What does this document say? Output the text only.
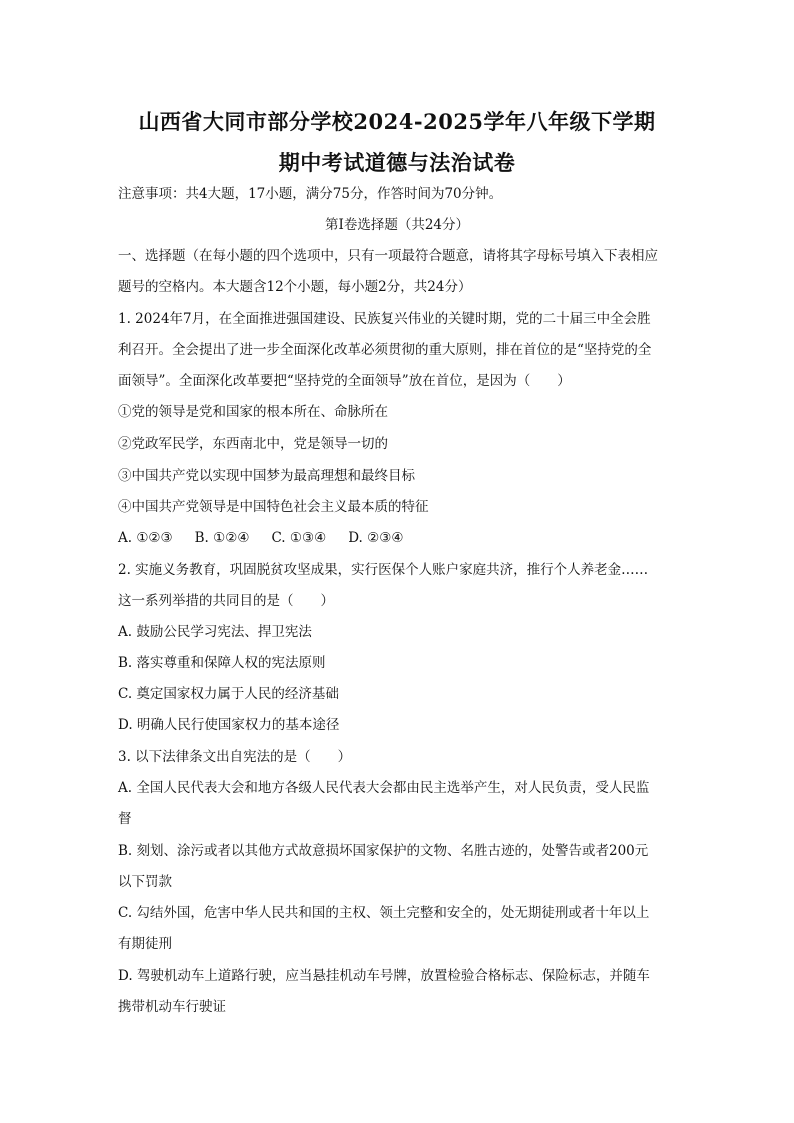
山西省大同市部分学校2024-2025学年八年级下学期
期中考试道德与法治试卷
注意事项：共4大题，17小题，满分75分，作答时间为70分钟。
第Ⅰ卷选择题（共24分）
一、选择题（在每小题的四个选项中，只有一项最符合题意，请将其字母标号填入下表相应
题号的空格内。本大题含12个小题，每小题2分，共24分）
1. 2024年7月，在全面推进强国建设、民族复兴伟业的关键时期，党的二十届三中全会胜
利召开。全会提出了进一步全面深化改革必须贯彻的重大原则，排在首位的是“坚持党的全
面领导”。全面深化改革要把“坚持党的全面领导”放在首位，是因为（　　）
①党的领导是党和国家的根本所在、命脉所在
②党政军民学，东西南北中，党是领导一切的
③中国共产党以实现中国梦为最高理想和最终目标
④中国共产党领导是中国特色社会主义最本质的特征
A. ①②③ B. ①②④ C. ①③④ D. ②③④
2. 实施义务教育，巩固脱贫攻坚成果，实行医保个人账户家庭共济，推行个人养老金……
这一系列举措的共同目的是（　　）
A. 鼓励公民学习宪法、捍卫宪法
B. 落实尊重和保障人权的宪法原则
C. 奠定国家权力属于人民的经济基础
D. 明确人民行使国家权力的基本途径
3. 以下法律条文出自宪法的是（　　）
A. 全国人民代表大会和地方各级人民代表大会都由民主选举产生，对人民负责，受人民监
督
B. 刻划、涂污或者以其他方式故意损坏国家保护的文物、名胜古迹的，处警告或者200元
以下罚款
C. 勾结外国，危害中华人民共和国的主权、领土完整和安全的，处无期徒刑或者十年以上
有期徒刑
D. 驾驶机动车上道路行驶，应当悬挂机动车号牌，放置检验合格标志、保险标志，并随车
携带机动车行驶证
